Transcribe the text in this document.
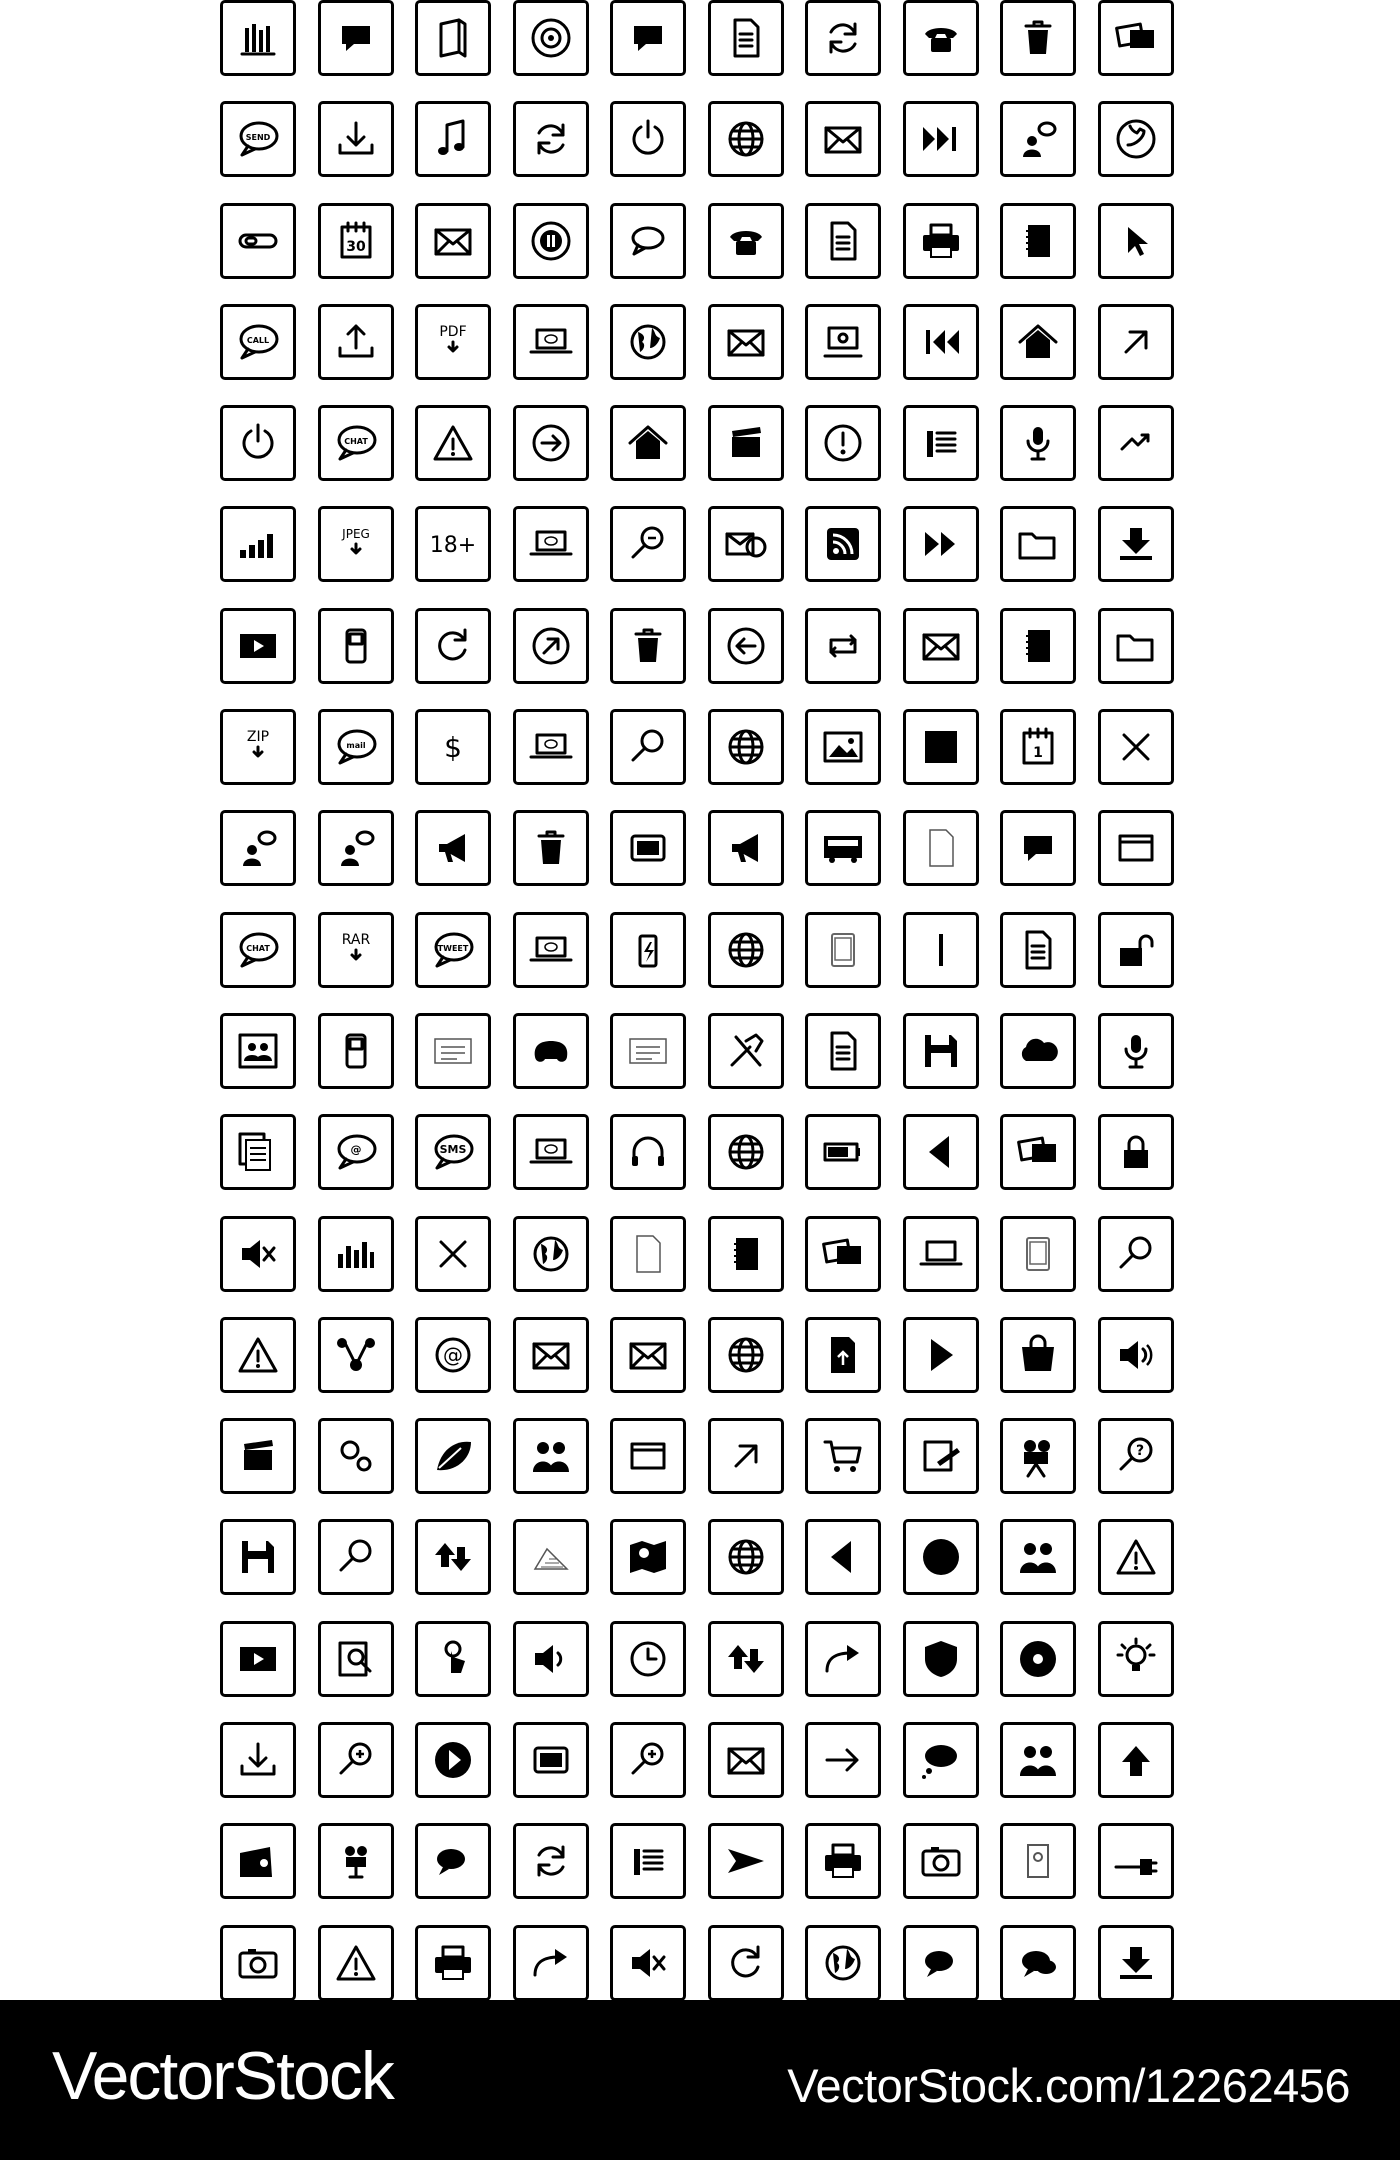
SEND
30
CALL
PDF
CHAT
JPEG	18+
ZIP
mail	$	1
CHAT
RAR
TWEET
@	SMS
@
?
VectorStock	VectorStock.com/12262456
